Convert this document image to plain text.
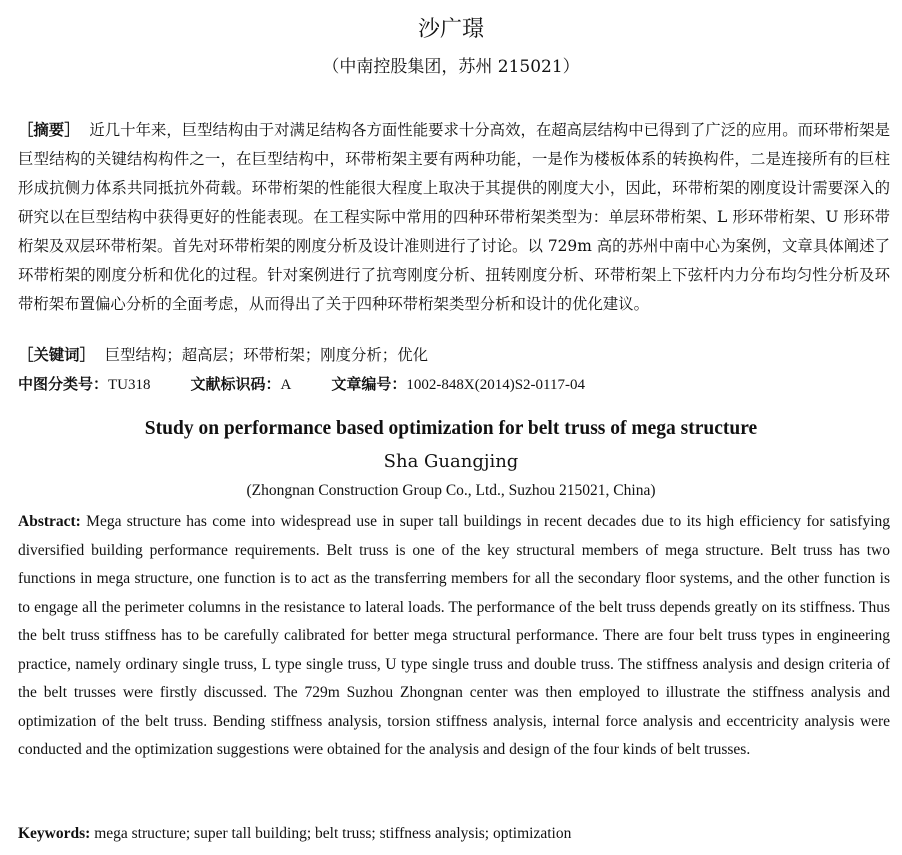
沙广璟
（中南控股集团，苏州 215021）

［摘要］ 近几十年来，巨型结构由于对满足结构各方面性能要求十分高效，在超高层结构中已得到了广泛的应用。而环带桁架是巨型结构的关键结构构件之一，在巨型结构中，环带桁架主要有两种功能，一是作为楼板体系的转换构件，二是连接所有的巨柱形成抗侧力体系共同抵抗外荷载。环带桁架的性能很大程度上取决于其提供的刚度大小，因此，环带桁架的刚度设计需要深入的研究以在巨型结构中获得更好的性能表现。在工程实际中常用的四种环带桁架类型为：单层环带桁架、L 形环带桁架、U 形环带桁架及双层环带桁架。首先对环带桁架的刚度分析及设计准则进行了讨论。以 729m 高的苏州中南中心为案例，文章具体阐述了环带桁架的刚度分析和优化的过程。针对案例进行了抗弯刚度分析、扭转刚度分析、环带桁架上下弦杆内力分布均匀性分析及环带桁架布置偏心分析的全面考虑，从而得出了关于四种环带桁架类型分析和设计的优化建议。

［关键词］ 巨型结构；超高层；环带桁架；刚度分析；优化
中图分类号：TU318	文献标识码：A	文章编号：1002-848X(2014)S2-0117-04
Study on performance based optimization for belt truss of mega structure
Sha Guangjing
(Zhongnan Construction Group Co., Ltd., Suzhou 215021, China)

Abstract: Mega structure has come into widespread use in super tall buildings in recent decades due to its high efficiency for satisfying diversified building performance requirements. Belt truss is one of the key structural members of mega structure. Belt truss has two functions in mega structure, one function is to act as the transferring members for all the secondary floor systems, and the other function is to engage all the perimeter columns in the resistance to lateral loads. The performance of the belt truss depends greatly on its stiffness. Thus the belt truss stiffness has to be carefully calibrated for better mega structural performance. There are four belt truss types in engineering practice, namely ordinary single truss, L type single truss, U type single truss and double truss. The stiffness analysis and design criteria of the belt trusses were firstly discussed. The 729m Suzhou Zhongnan center was then employed to illustrate the stiffness analysis and optimization of the belt truss. Bending stiffness analysis, torsion stiffness analysis, internal force analysis and eccentricity analysis were conducted and the optimization suggestions were obtained for the analysis and design of the four kinds of belt trusses.

Keywords: mega structure; super tall building; belt truss; stiffness analysis; optimization
